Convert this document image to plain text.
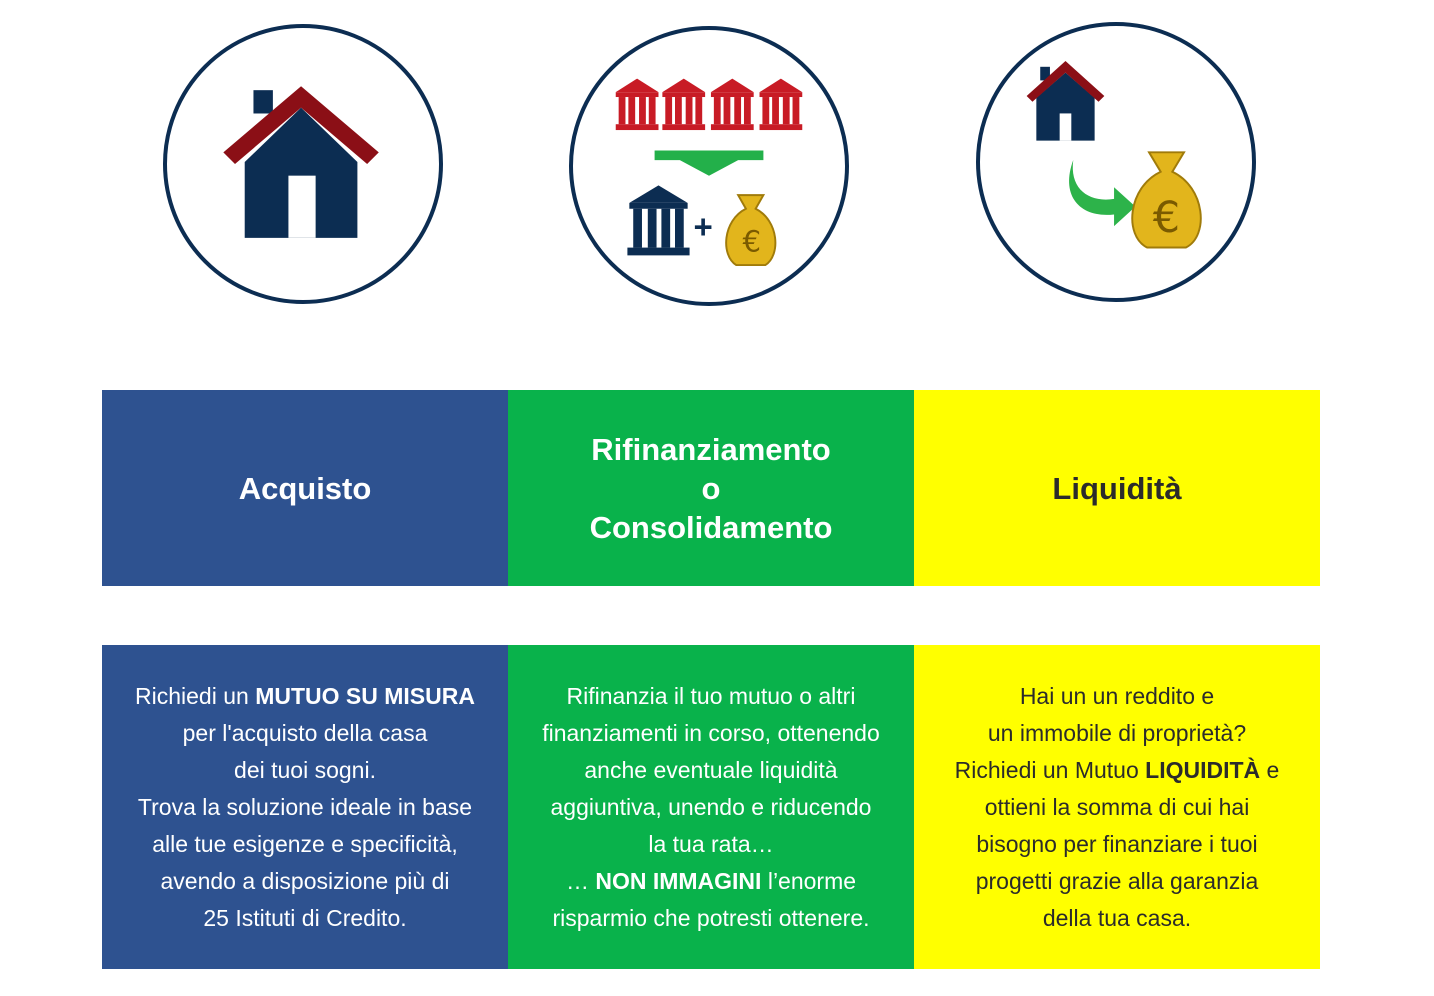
+ €	€
Acquisto
Rifinanziamento
o
Consolidamento
Liquidità

Richiedi un MUTUO SU MISURA

per l'acquisto della casa

dei tuoi sogni.

Trova la soluzione ideale in base

alle tue esigenze e specificità,

avendo a disposizione più di

25 Istituti di Credito.

Rifinanzia il tuo mutuo o altri

finanziamenti in corso, ottenendo

anche eventuale liquidità

aggiuntiva, unendo e riducendo

la tua rata…

… NON IMMAGINI l’enorme

risparmio che potresti ottenere.

Hai un un reddito e

un immobile di proprietà?

Richiedi un Mutuo LIQUIDITÀ e

ottieni la somma di cui hai

bisogno per finanziare i tuoi

progetti grazie alla garanzia

della tua casa.
